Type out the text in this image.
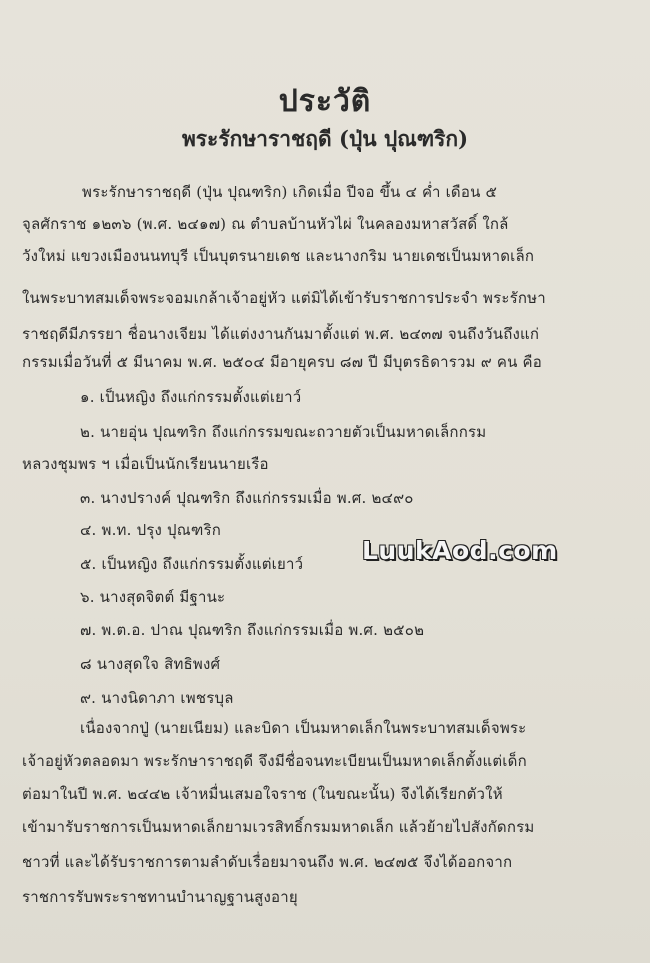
ประวัติ
พระรักษาราชฤดี (ปุ่น ปุณฑริก)
พระรักษาราชฤดี (ปุ่น ปุณฑริก) เกิดเมื่อ ปีจอ ขึ้น ๔ ค่ำ เดือน ๕
จุลศักราช ๑๒๓๖ (พ.ศ. ๒๔๑๗) ณ ตำบลบ้านหัวไผ่ ในคลองมหาสวัสดิ์ ใกล้
วังใหม่ แขวงเมืองนนทบุรี เป็นบุตรนายเดช และนางกริม นายเดชเป็นมหาดเล็ก
ในพระบาทสมเด็จพระจอมเกล้าเจ้าอยู่หัว แต่มิได้เข้ารับราชการประจำ พระรักษา
ราชฤดีมีภรรยา ชื่อนางเจียม ได้แต่งงานกันมาตั้งแต่ พ.ศ. ๒๔๓๗ จนถึงวันถึงแก่
กรรมเมื่อวันที่ ๕ มีนาคม พ.ศ. ๒๕๐๔ มีอายุครบ ๘๗ ปี มีบุตรธิดารวม ๙ คน คือ
๑. เป็นหญิง ถึงแก่กรรมตั้งแต่เยาว์
๒. นายอุ่น ปุณฑริก ถึงแก่กรรมขณะถวายตัวเป็นมหาดเล็กกรม
หลวงชุมพร ฯ เมื่อเป็นนักเรียนนายเรือ
๓. นางปรางค์ ปุณฑริก ถึงแก่กรรมเมื่อ พ.ศ. ๒๔๙๐
๔. พ.ท. ปรุง ปุณฑริก
๕. เป็นหญิง ถึงแก่กรรมตั้งแต่เยาว์
๖. นางสุดจิตต์ มีฐานะ
๗. พ.ต.อ. ปาณ ปุณฑริก ถึงแก่กรรมเมื่อ พ.ศ. ๒๕๐๒
๘ นางสุดใจ สิทธิพงศ์
๙. นางนิดาภา เพชรบุล
เนื่องจากปู่ (นายเนียม) และบิดา เป็นมหาดเล็กในพระบาทสมเด็จพระ
เจ้าอยู่หัวตลอดมา พระรักษาราชฤดี จึงมีชื่อจนทะเบียนเป็นมหาดเล็กตั้งแต่เด็ก
ต่อมาในปี พ.ศ. ๒๔๔๒ เจ้าหมื่นเสมอใจราช (ในขณะนั้น) จึงได้เรียกตัวให้
เข้ามารับราชการเป็นมหาดเล็กยามเวรสิทธิ์กรมมหาดเล็ก แล้วย้ายไปสังกัดกรม
ชาวที่ และได้รับราชการตามลำดับเรื่อยมาจนถึง พ.ศ. ๒๔๗๕ จึงได้ออกจาก
ราชการรับพระราชทานบำนาญฐานสูงอายุ
LuukAod.com
